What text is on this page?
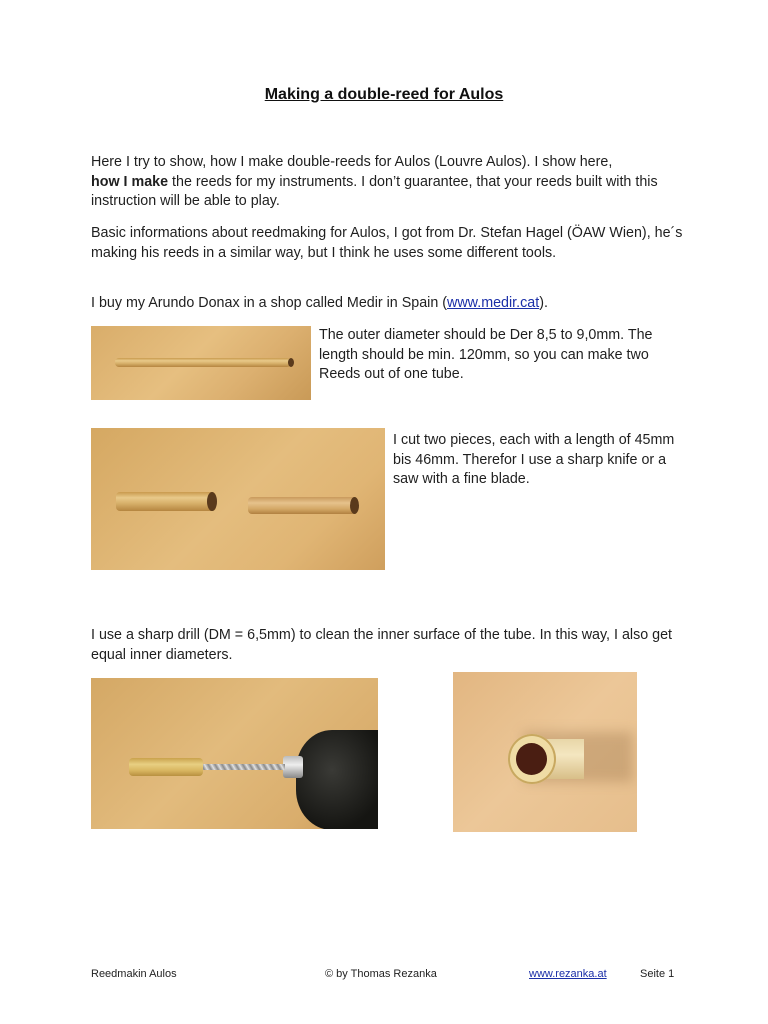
Making a double-reed for Aulos
Here I try to show, how I make double-reeds for Aulos (Louvre Aulos). I show here,
how I make the reeds for my instruments. I don’t guarantee, that your reeds built with this instruction will be able to play.
Basic informations about reedmaking for Aulos, I got from Dr. Stefan Hagel (ÖAW Wien), he´s making his reeds in a similar way, but I think he uses some different tools.
I buy my Arundo Donax in a shop called Medir in Spain (www.medir.cat).
The outer diameter should be Der 8,5 to 9,0mm. The length should be min. 120mm, so you can make two Reeds out of one tube.
I cut two pieces, each with a length of 45mm bis 46mm. Therefor I use a sharp knife or a saw with a fine blade.
I use a sharp drill (DM = 6,5mm) to clean the inner surface of the tube. In this way, I also get equal inner diameters.
Reedmakin Aulos	© by Thomas Rezanka	www.rezanka.at	Seite 1
